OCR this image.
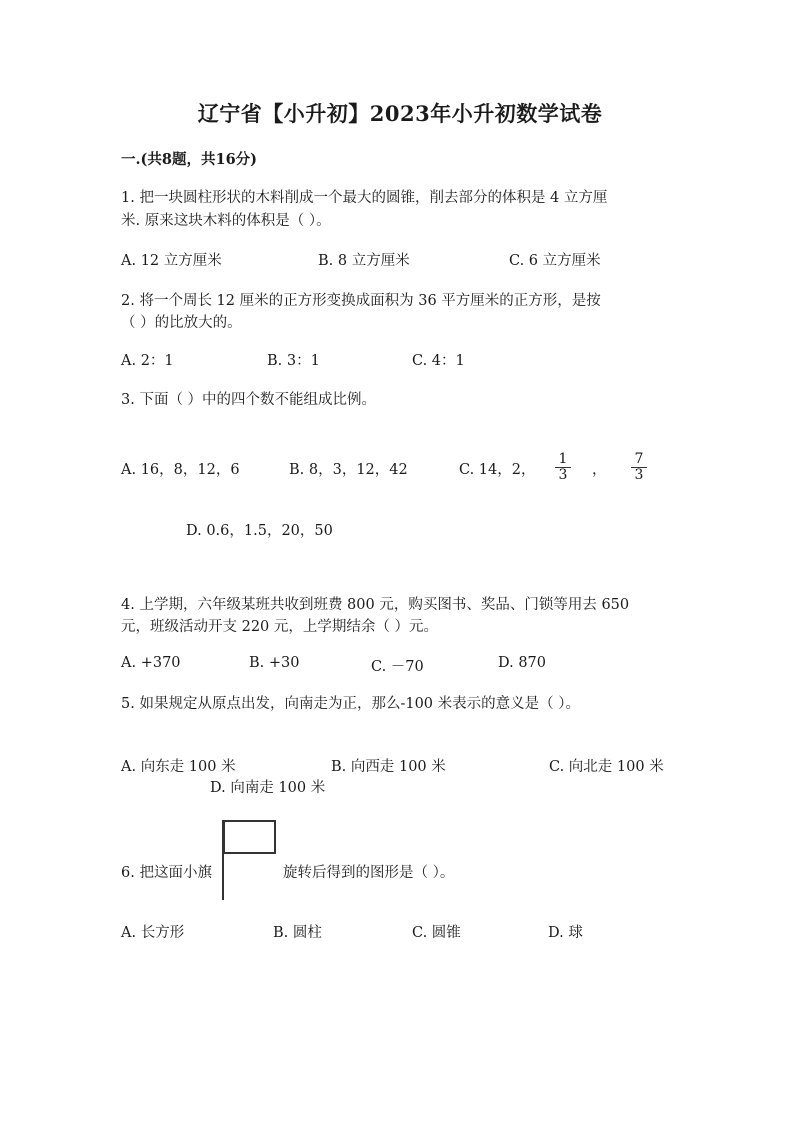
辽宁省【小升初】2023年小升初数学试卷
一.(共8题，共16分)
1. 把一块圆柱形状的木料削成一个最大的圆锥，削去部分的体积是 4 立方厘
米. 原来这块木料的体积是（ ）。
A. 12 立方厘米	B. 8 立方厘米	C. 6 立方厘米
2. 将一个周长 12 厘米的正方形变换成面积为 36 平方厘米的正方形，是按
（ ）的比放大的。
A. 2：1	B. 3：1	C. 4：1
3. 下面（ ）中的四个数不能组成比例。
A. 16，8，12，6	B. 8，3，12，42	C. 14，2， $\frac{1}{3}$ ， $\frac{7}{3}$
D. 0.6，1.5，20，50
4. 上学期，六年级某班共收到班费 800 元，购买图书、奖品、门锁等用去 650
元，班级活动开支 220 元，上学期结余（ ）元。
A. +370	B. +30	C. －70	D. 870
5. 如果规定从原点出发，向南走为正，那么-100 米表示的意义是（ ）。
A. 向东走 100 米	B. 向西走 100 米	C. 向北走 100 米
D. 向南走 100 米
6. 把这面小旗	旋转后得到的图形是（ ）。
A. 长方形	B. 圆柱	C. 圆锥	D. 球
